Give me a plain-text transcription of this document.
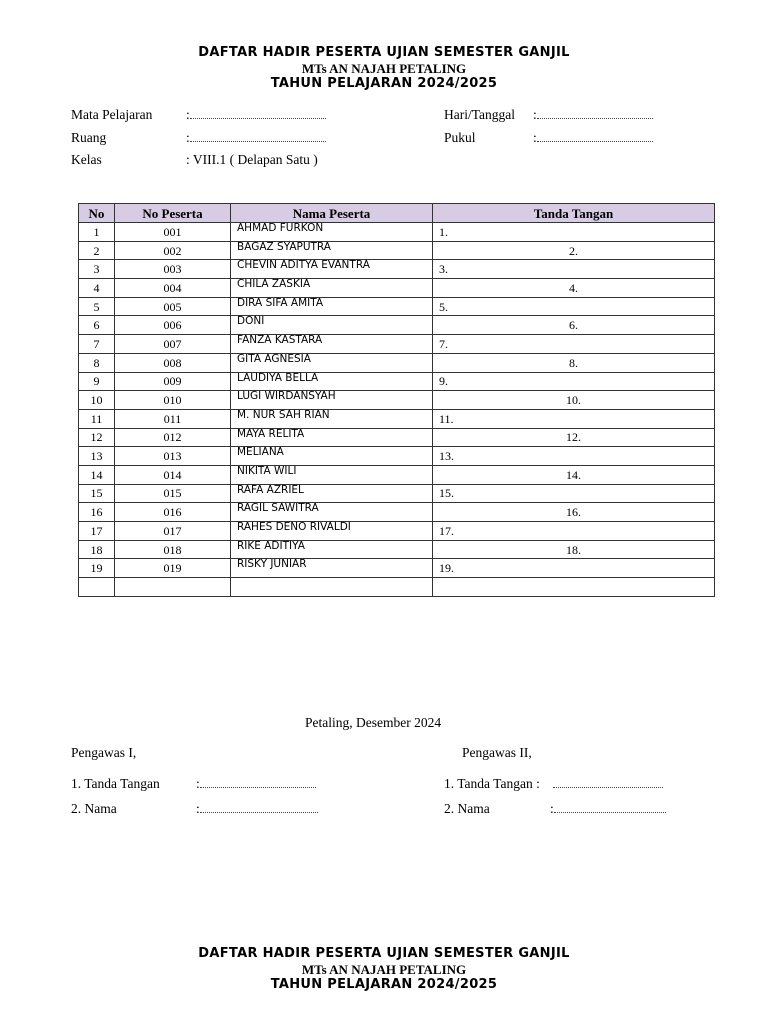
DAFTAR HADIR PESERTA UJIAN SEMESTER GANJIL
MTs AN NAJAH PETALING
TAHUN PELAJARAN 2024/2025
Mata Pelajaran :
Ruang	:
Kelas	: VIII.1 ( Delapan Satu )
Hari/Tanggal :
Pukul	:
No	No Peserta	Nama Peserta	Tanda Tangan
1	001	AHMAD FURKON	1.
2	002	BAGAZ SYAPUTRA	2.
3	003	CHEVIN ADITYA EVANTRA	3.
4	004	CHILA ZASKIA	4.
5	005	DIRA SIFA AMITA	5.
6	006	DONI	6.
7	007	FANZA KASTARA	7.
8	008	GITA AGNESIA	8.
9	009	LAUDIYA BELLA	9.
10	010	LUGI WIRDANSYAH	10.
11	011	M. NUR SAH RIAN	11.
12	012	MAYA RELITA	12.
13	013	MELIANA	13.
14	014	NIKITA WILI	14.
15	015	RAFA AZRIEL	15.
16	016	RAGIL SAWITRA	16.
17	017	RAHES DENO RIVALDI	17.
18	018	RIKE ADITIYA	18.
19	019	RISKY JUNIAR	19.

Petaling, Desember 2024
Pengawas I,	Pengawas II,
1. Tanda Tangan	:
2. Nama	:
1. Tanda Tangan :
2. Nama	:
DAFTAR HADIR PESERTA UJIAN SEMESTER GANJIL
MTs AN NAJAH PETALING
TAHUN PELAJARAN 2024/2025
